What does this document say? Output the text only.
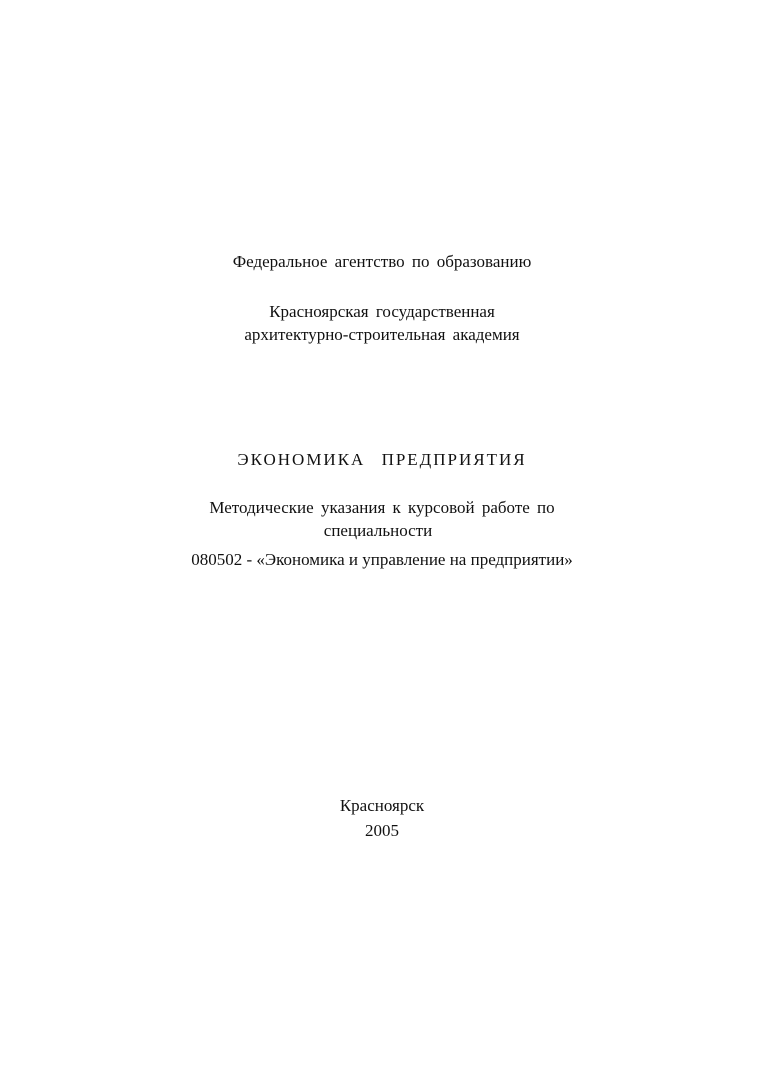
Федеральное агентство по образованию
Красноярская государственная
архитектурно-строительная академия
ЭКОНОМИКА ПРЕДПРИЯТИЯ
Методические указания к курсовой работе по
специальности
080502 - «Экономика и управление на предприятии»
Красноярск
2005
